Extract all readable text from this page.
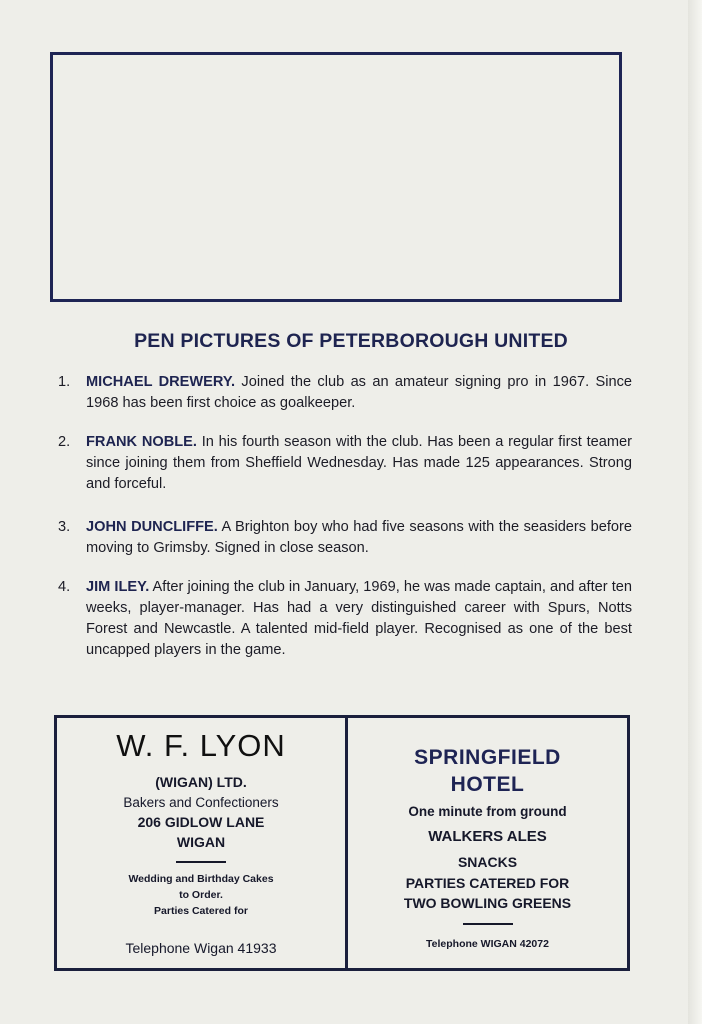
PEN PICTURES OF PETERBOROUGH UNITED
1. MICHAEL DREWERY. Joined the club as an amateur signing pro in 1967. Since 1968 has been first choice as goalkeeper.
2. FRANK NOBLE. In his fourth season with the club. Has been a regular first teamer since joining them from Sheffield Wednesday. Has made 125 appearances. Strong and forceful.
3. JOHN DUNCLIFFE. A Brighton boy who had five seasons with the seasiders before moving to Grimsby. Signed in close season.
4. JIM ILEY. After joining the club in January, 1969, he was made captain, and after ten weeks, player-manager. Has had a very distinguished career with Spurs, Notts Forest and Newcastle. A talented mid-field player. Recognised as one of the best uncapped players in the game.
W. F. LYON
(WIGAN) LTD.
Bakers and Confectioners
206 GIDLOW LANE
WIGAN
Wedding and Birthday Cakes
to Order.
Parties Catered for
Telephone Wigan 41933
SPRINGFIELD
HOTEL
One minute from ground
WALKERS ALES
SNACKS
PARTIES CATERED FOR
TWO BOWLING GREENS
Telephone WIGAN 42072
